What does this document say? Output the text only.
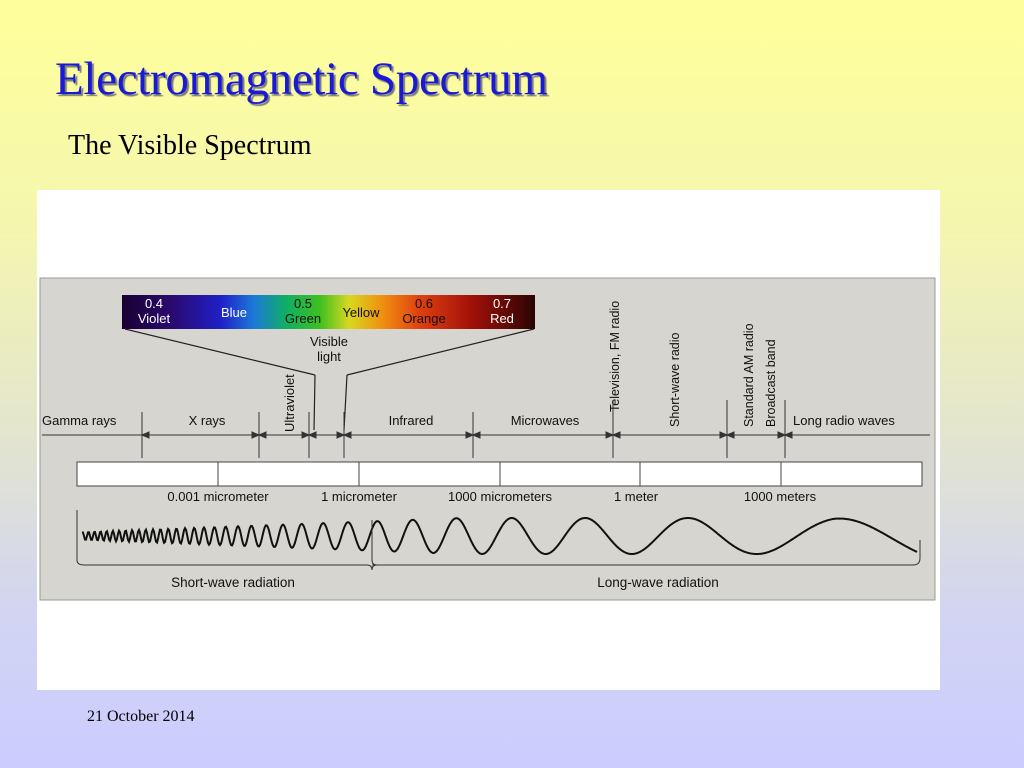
Electromagnetic Spectrum

The Visible Spectrum

0.4
Violet	Blue
0.5
Green Yellow
0.6
Orange
0.7
Red
Visible
light
Ultraviolet	Television, FM radio	Short-wave radio	Standard AM radio Broadcast band
Gamma rays	X rays	Infrared	Microwaves	Long radio waves
0.001 micrometer	1 micrometer	1000 micrometers	1 meter	1000 meters
Short-wave radiation	Long-wave radiation
21 October 2014
